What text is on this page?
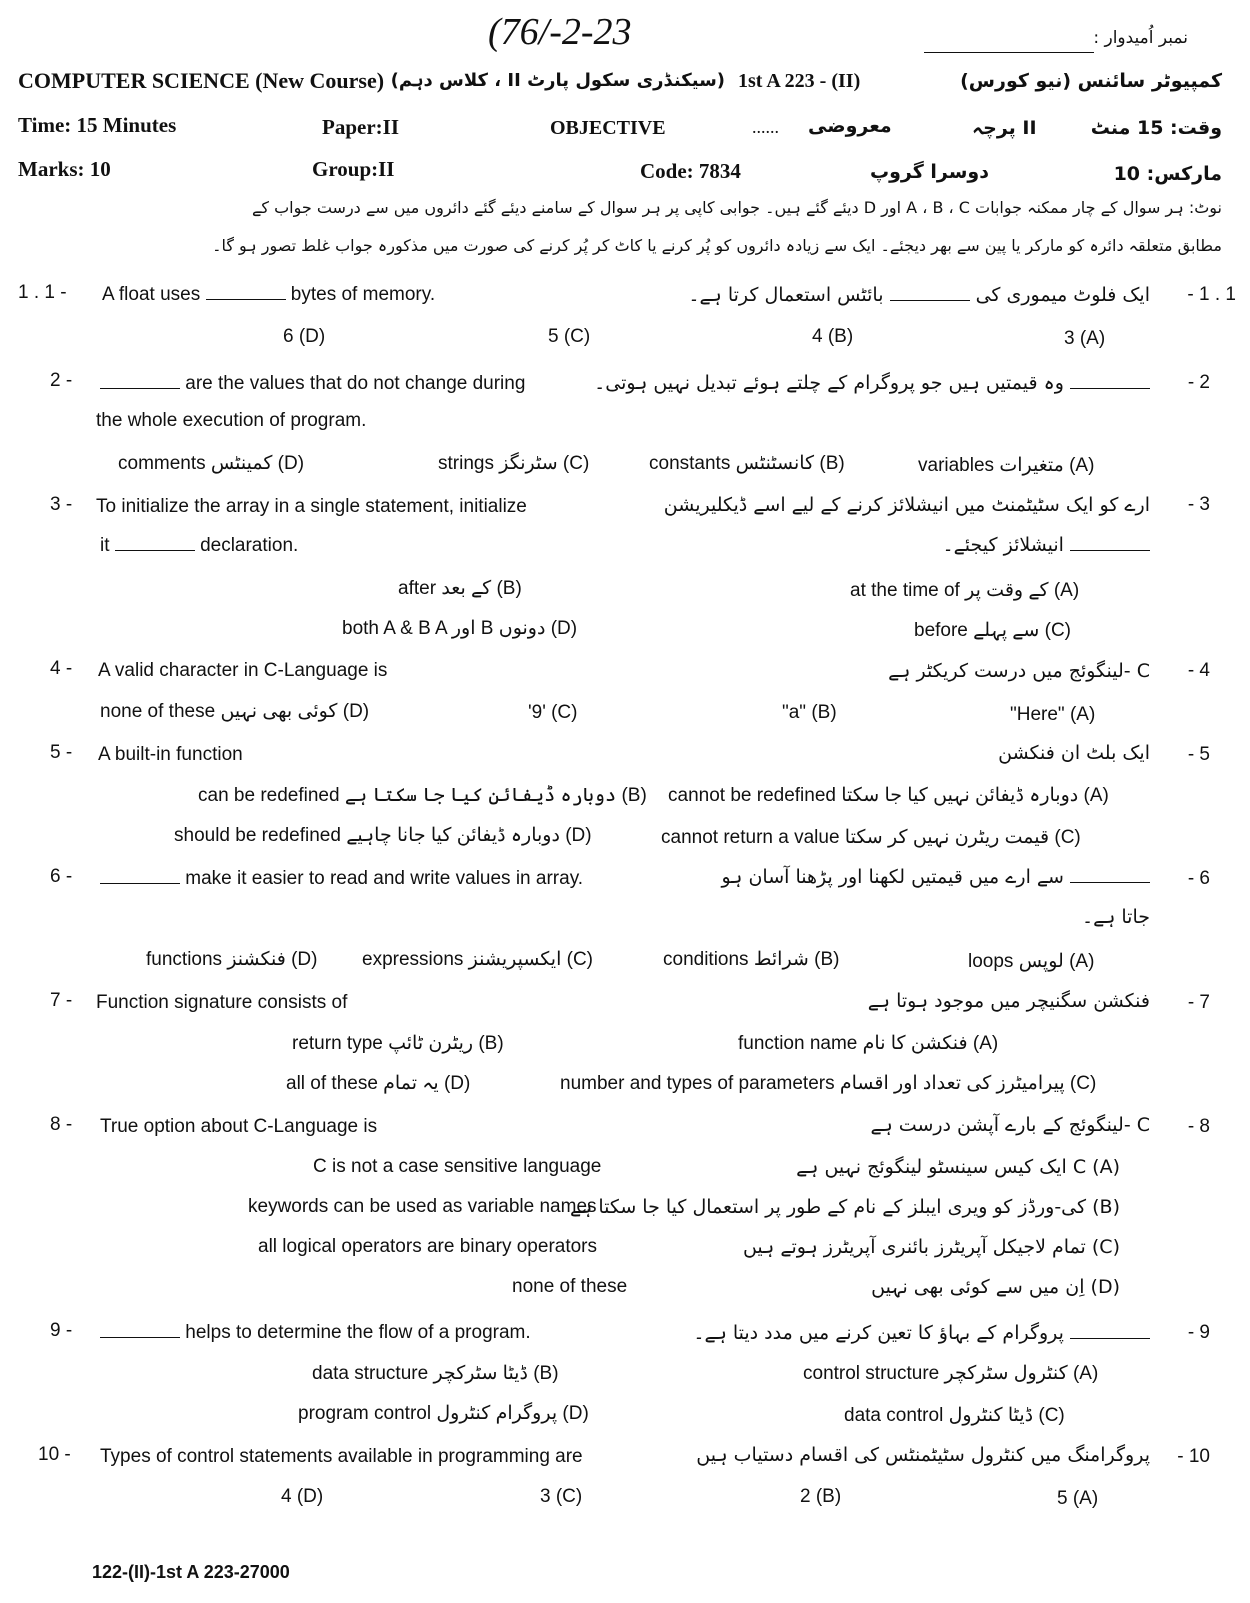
(76/-2-23	نمبر اُمیدوار :
COMPUTER SCIENCE (New Course) (سیکنڈری سکول پارٹ II ، کلاس دہم) 1st A 223 - (II)	کمپیوٹر سائنس (نیو کورس)
Time: 15 Minutes	Paper:II	OBJECTIVE	...... معروضی	II پرچہ	وقت: 15 منٹ
Marks: 10	Group:II	Code: 7834	دوسرا گروپ	مارکس: 10
نوٹ: ہر سوال کے چار ممکنہ جوابات A ، B ، C اور D دیئے گئے ہیں۔ جوابی کاپی پر ہر سوال کے سامنے دیئے گئے دائروں میں سے درست جواب کے
مطابق متعلقہ دائرہ کو مارکر یا پین سے بھر دیجئے۔ ایک سے زیادہ دائروں کو پُر کرنے یا کاٹ کر پُر کرنے کی صورت میں مذکورہ جواب غلط تصور ہو گا۔
1 . 1 - A float uses	bytes of memory.	ایک فلوٹ میموری کی  بائٹس استعمال کرتا ہے۔	- 1 . 1
6 (D)	5 (C)	4 (B)	3 (A)
2 -	are the values that do not change during
the whole execution of program.
وہ قیمتیں ہیں جو پروگرام کے چلتے ہوئے تبدیل نہیں ہوتی۔	- 2
comments کمینٹس (D)	strings سٹرنگز (C)	constants کانسٹنٹس (B)	variables متغیرات (A)
3 - To initialize the array in a single statement, initialize
it	declaration.
ارے کو ایک سٹیٹمنٹ میں انیشلائز کرنے کے لیے اسے ڈیکلیریشن
انیشلائز کیجئے۔
- 3
after کے بعد (B)	at the time of کے وقت پر (A)
both A & B A اور B دونوں (D)	before سے پہلے (C)
4 - A valid character in C-Language is	C -لینگوئج میں درست کریکٹر ہے - 4
none of these کوئی بھی نہیں (D)	'9' (C)	"a" (B)	"Here" (A)
5 - A built-in function	ایک بلٹ ان فنکشن - 5
can be redefined دوبارہ ڈیفائن کیا جا سکتا ہے (B) cannot be redefined دوبارہ ڈیفائن نہیں کیا جا سکتا (A)
should be redefined دوبارہ ڈیفائن کیا جانا چاہیے (D)	cannot return a value قیمت ریٹرن نہیں کر سکتا (C)
6 -	make it easier to read and write values in array.	سے ارے میں قیمتیں لکھنا اور پڑھنا آسان ہو
جاتا ہے۔
- 6
functions فنکشنز (D) expressions ایکسپریشنز (C)	conditions شرائط (B)	loops لوپس (A)
7 - Function signature consists of	فنکشن سگنیچر میں موجود ہوتا ہے - 7
return type ریٹرن ٹائپ (B)	function name فنکشن کا نام (A)
all of these یہ تمام (D)	number and types of parameters پیرامیٹرز کی تعداد اور اقسام (C)
8 - True option about C-Language is	C -لینگوئج کے بارے آپشن درست ہے - 8
C is not a case sensitive language	(A) C ایک کیس سینسٹو لینگوئج نہیں ہے
keywords can be used as variable names
(B) کی-ورڈز کو ویری ایبلز کے نام کے طور پر استعمال کیا جا سکتا ہے
all logical operators are binary operators	(C) تمام لاجیکل آپریٹرز بائنری آپریٹرز ہوتے ہیں
none of these	(D) اِن میں سے کوئی بھی نہیں
9 -	helps to determine the flow of a program.	پروگرام کے بہاؤ کا تعین کرنے میں مدد دیتا ہے۔	- 9
data structure ڈیٹا سٹرکچر (B)	control structure کنٹرول سٹرکچر (A)
program control پروگرام کنٹرول (D)	data control ڈیٹا کنٹرول (C)
10 - Types of control statements available in programming are	پروگرامنگ میں کنٹرول سٹیٹمنٹس کی اقسام دستیاب ہیں - 10
4 (D)	3 (C)	2 (B)	5 (A)
122-(II)-1st A 223-27000
